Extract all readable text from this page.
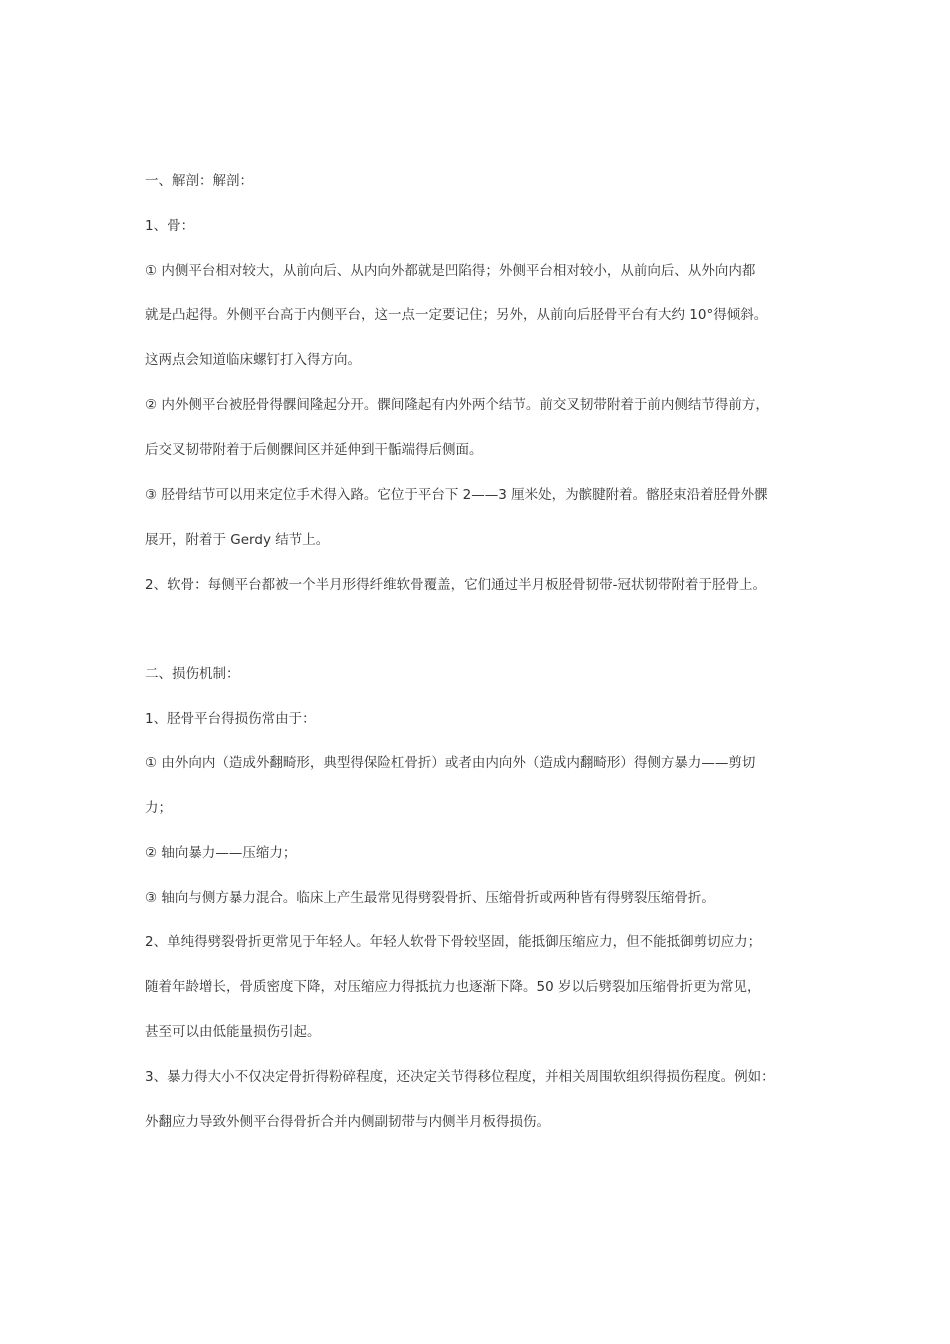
一、解剖：解剖：
1、骨：
① 内侧平台相对较大，从前向后、从内向外都就是凹陷得；外侧平台相对较小，从前向后、从外向内都
就是凸起得。外侧平台高于内侧平台，这一点一定要记住；另外，从前向后胫骨平台有大约 10°得倾斜。
这两点会知道临床螺钉打入得方向。
② 内外侧平台被胫骨得髁间隆起分开。髁间隆起有内外两个结节。前交叉韧带附着于前内侧结节得前方，
后交叉韧带附着于后侧髁间区并延伸到干骺端得后侧面。
③ 胫骨结节可以用来定位手术得入路。它位于平台下 2——3 厘米处，为髌腱附着。髂胫束沿着胫骨外髁
展开，附着于 Gerdy 结节上。
2、软骨：每侧平台都被一个半月形得纤维软骨覆盖，它们通过半月板胫骨韧带-冠状韧带附着于胫骨上。
二、损伤机制：
1、胫骨平台得损伤常由于：
① 由外向内（造成外翻畸形，典型得保险杠骨折）或者由内向外（造成内翻畸形）得侧方暴力——剪切
力；
② 轴向暴力——压缩力；
③ 轴向与侧方暴力混合。临床上产生最常见得劈裂骨折、压缩骨折或两种皆有得劈裂压缩骨折。
2、单纯得劈裂骨折更常见于年轻人。年轻人软骨下骨较坚固，能抵御压缩应力，但不能抵御剪切应力；
随着年龄增长，骨质密度下降，对压缩应力得抵抗力也逐渐下降。50 岁以后劈裂加压缩骨折更为常见，
甚至可以由低能量损伤引起。
3、暴力得大小不仅决定骨折得粉碎程度，还决定关节得移位程度，并相关周围软组织得损伤程度。例如：
外翻应力导致外侧平台得骨折合并内侧副韧带与内侧半月板得损伤。
